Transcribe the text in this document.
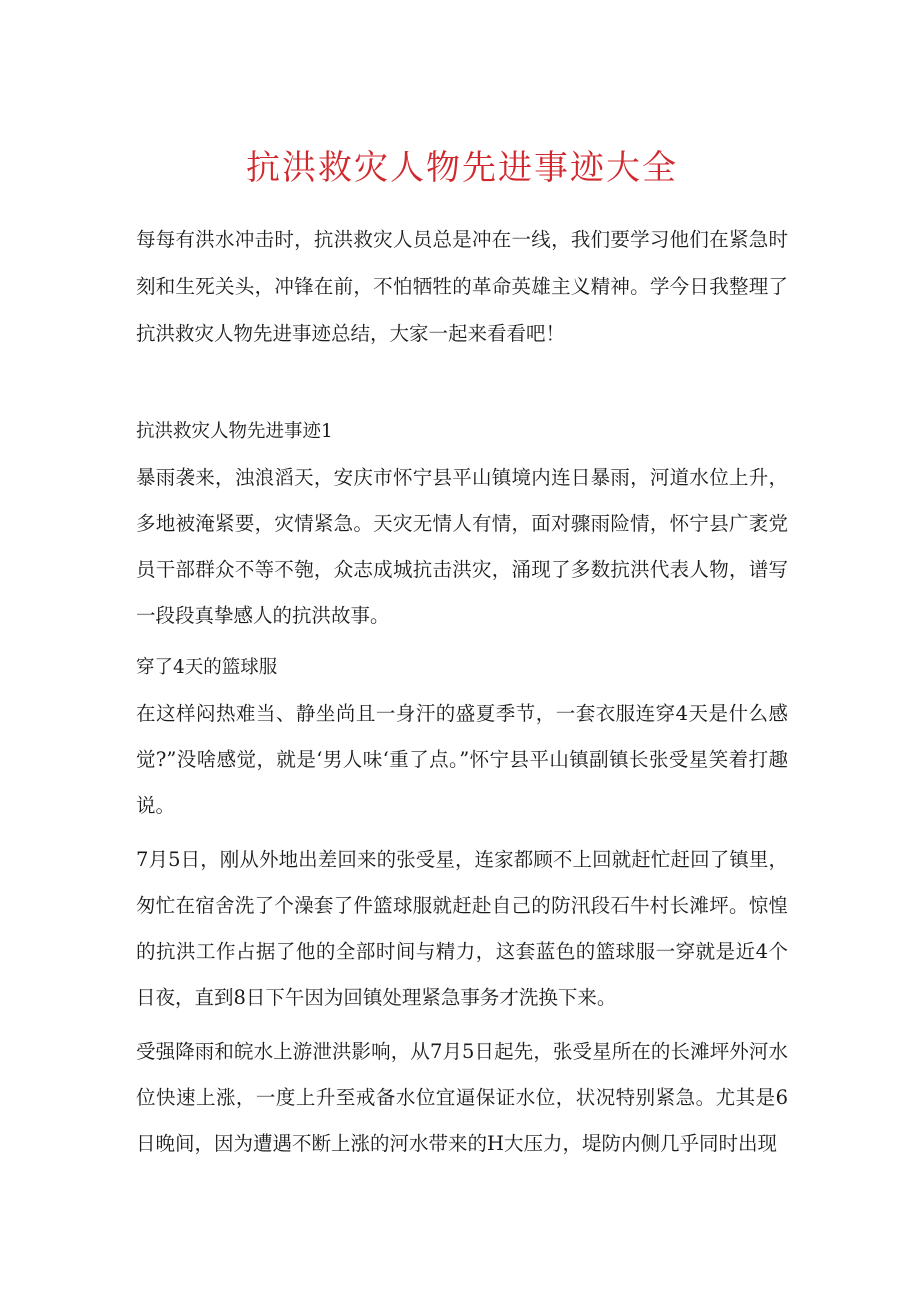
抗洪救灾人物先进事迹大全

每每有洪水冲击时，抗洪救灾人员总是冲在一线，我们要学习他们在紧急时刻和生死关头，冲锋在前，不怕牺牲的革命英雄主义精神。学今日我整理了抗洪救灾人物先进事迹总结，大家一起来看看吧！

抗洪救灾人物先进事迹1

暴雨袭来，浊浪滔天，安庆市怀宁县平山镇境内连日暴雨，河道水位上升，多地被淹紧要，灾情紧急。天灾无情人有情，面对骤雨险情，怀宁县广袤党员干部群众不等不匏，众志成城抗击洪灾，涌现了多数抗洪代表人物，谱写一段段真挚感人的抗洪故事。

穿了4天的篮球服

在这样闷热难当、静坐尚且一身汗的盛夏季节，一套衣服连穿4天是什么感觉?”没啥感觉，就是‘男人味‘重了点。”怀宁县平山镇副镇长张受星笑着打趣说。

7月5日，刚从外地出差回来的张受星，连家都顾不上回就赶忙赶回了镇里，匆忙在宿舍洗了个澡套了件篮球服就赶赴自己的防汛段石牛村长滩坪。惊惶的抗洪工作占据了他的全部时间与精力，这套蓝色的篮球服一穿就是近4个日夜，直到8日下午因为回镇处理紧急事务才洗换下来。

受强降雨和皖水上游泄洪影响，从7月5日起先，张受星所在的长滩坪外河水位快速上涨，一度上升至戒备水位宜逼保证水位，状况特别紧急。尤其是6日晚间，因为遭遇不断上涨的河水带来的H大压力，堤防内侧几乎同时出现
